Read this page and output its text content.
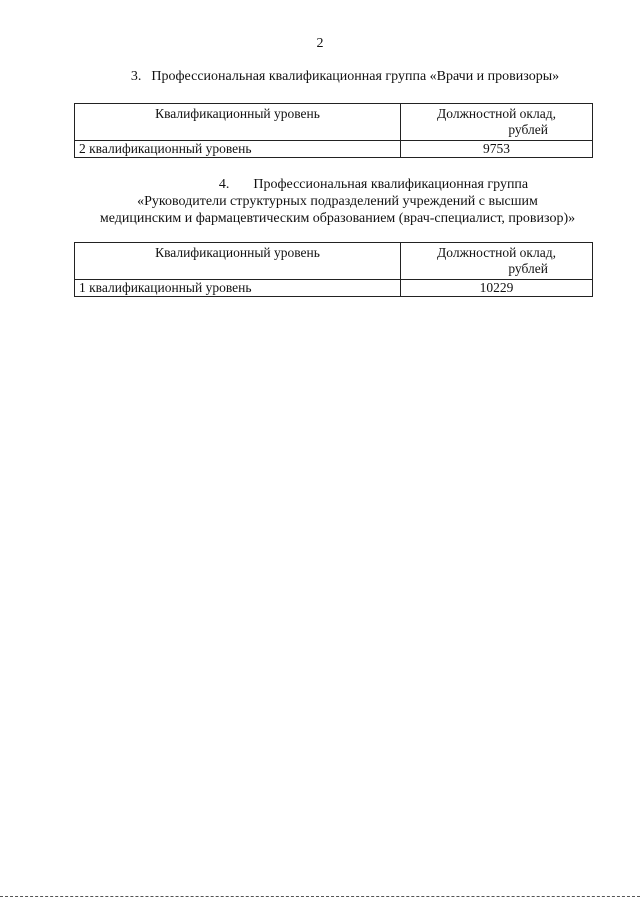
2
3. Профессиональная квалификационная группа «Врачи и провизоры»
Квалификационный уровень	Должностной оклад,
рублей

2 квалификационный уровень	9753
4. Профессиональная квалификационная группа
«Руководители структурных подразделений учреждений с высшим
медицинским и фармацевтическим образованием (врач-специалист, провизор)»
Квалификационный уровень	Должностной оклад,
рублей

1 квалификационный уровень	10229
